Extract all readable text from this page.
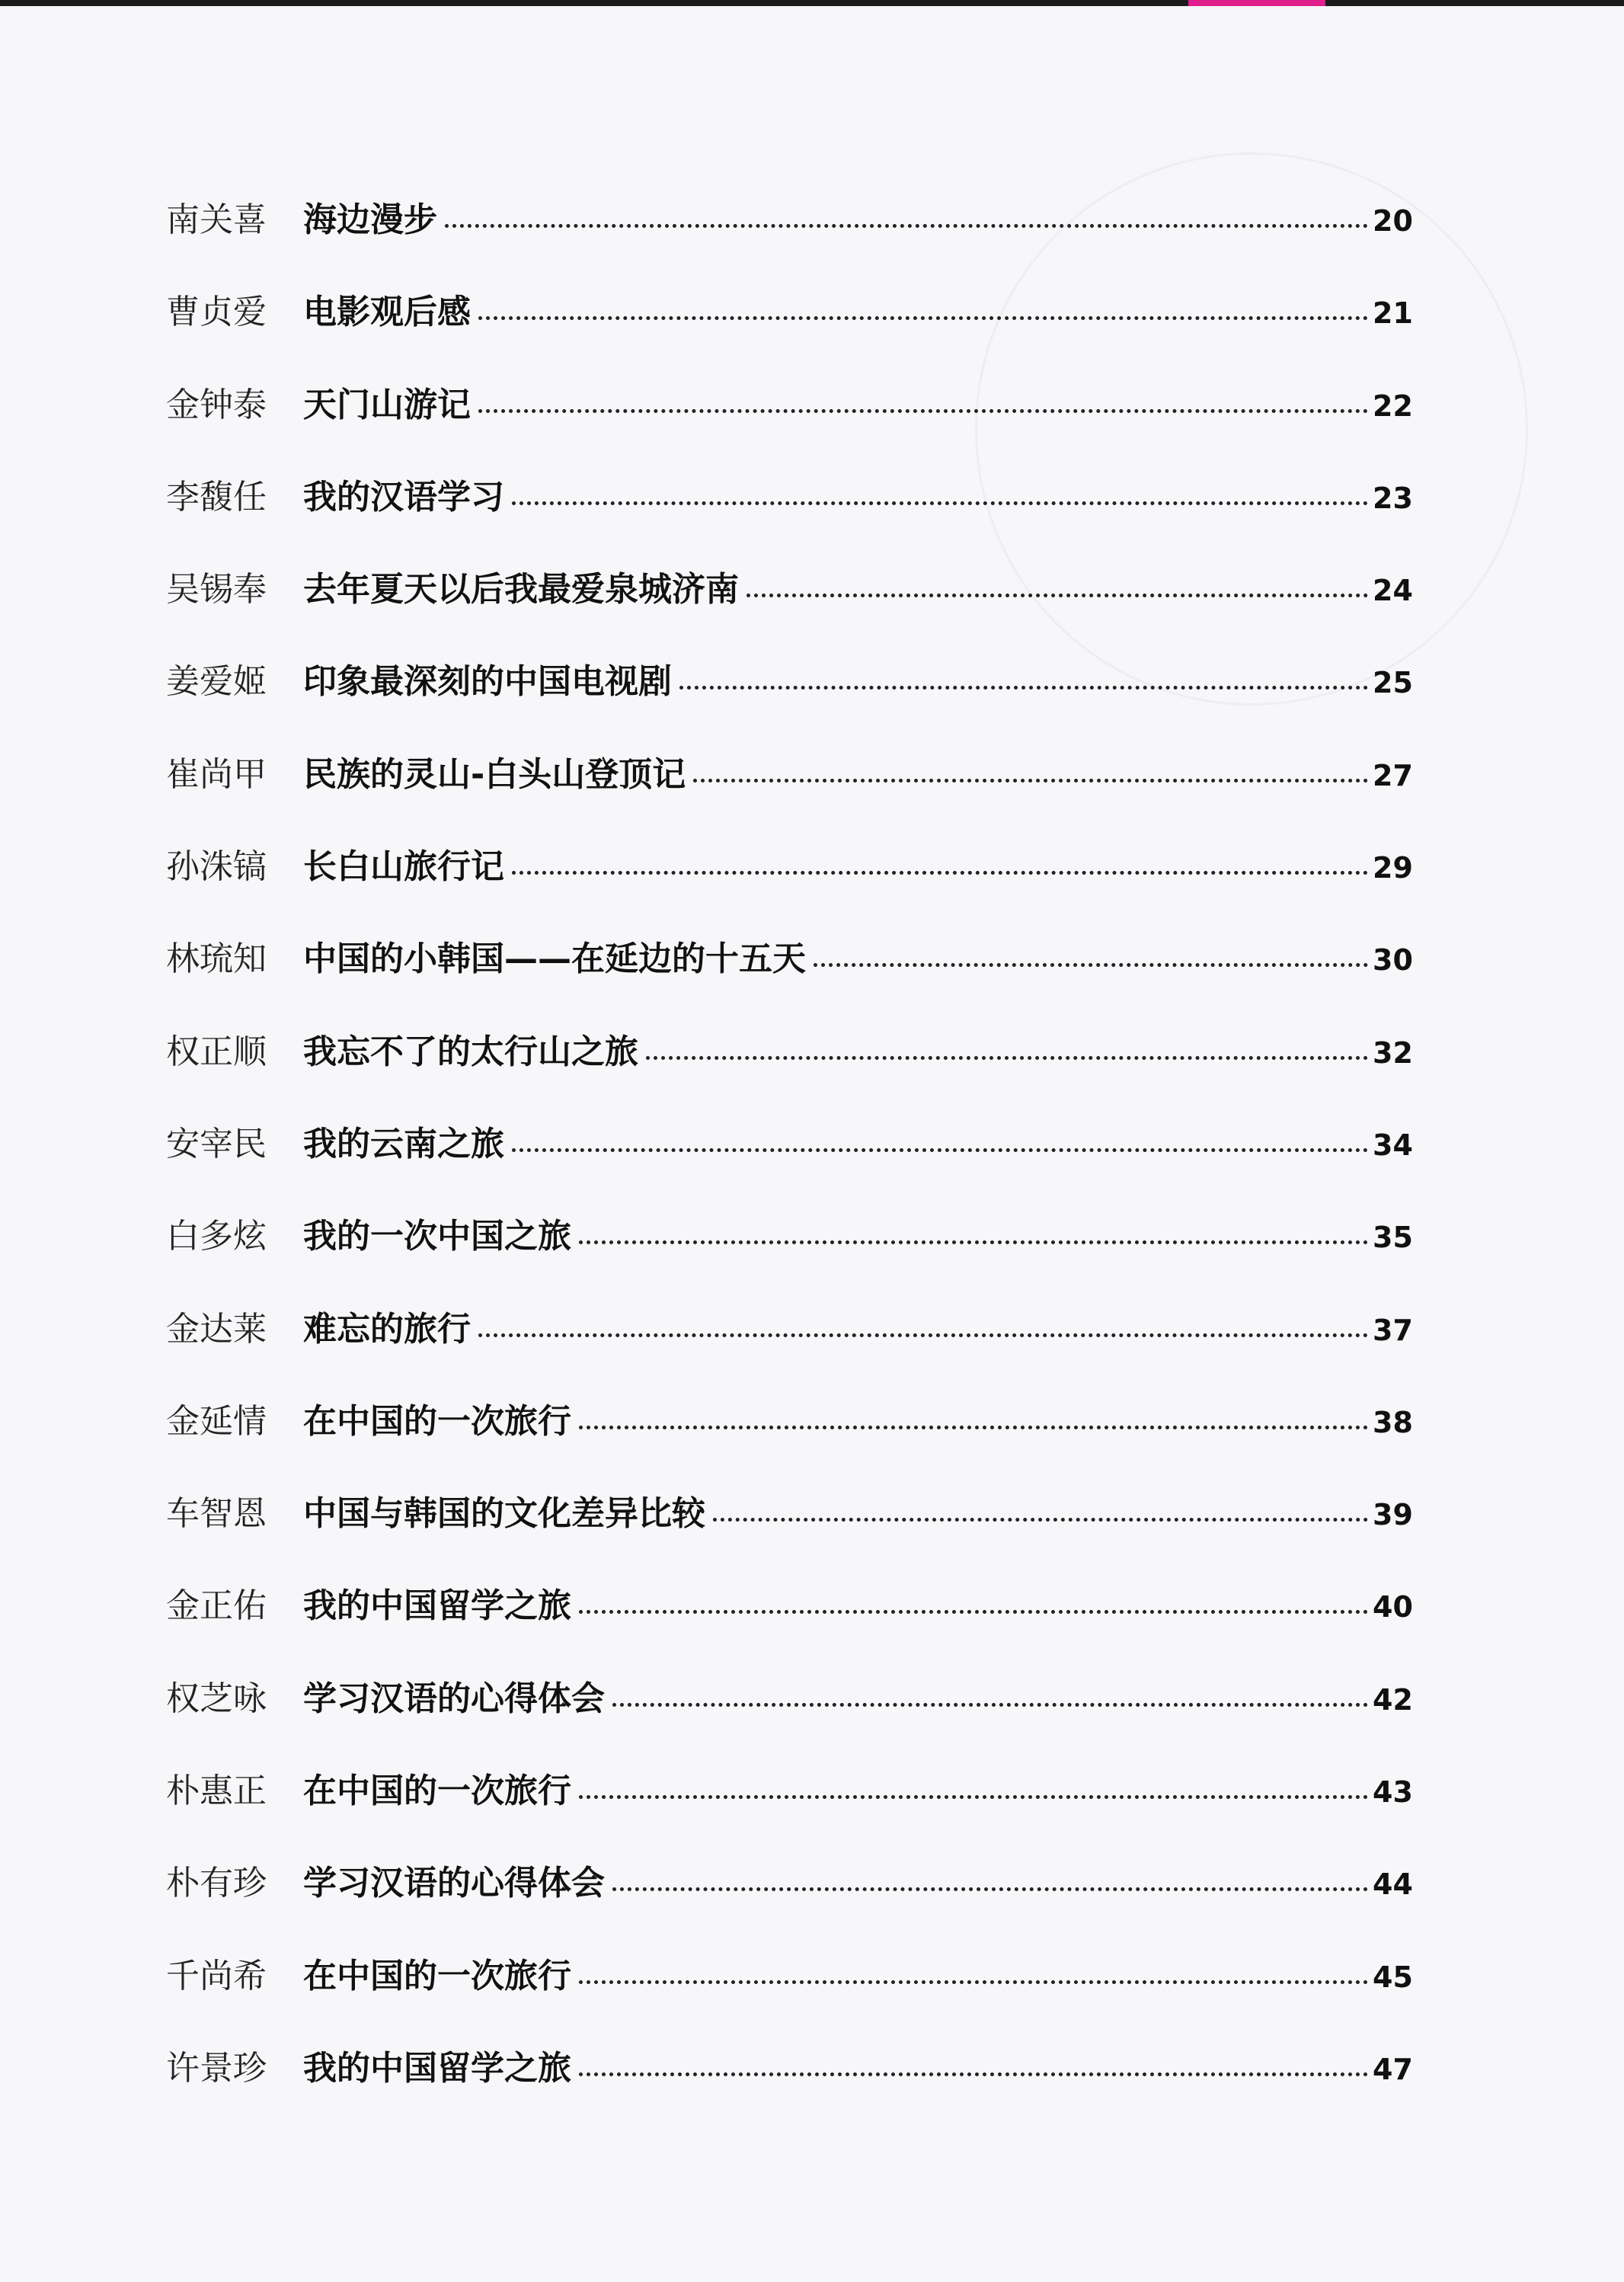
南关喜	海边漫步	20
曹贞爱	电影观后感	21
金钟泰	天门山游记	22
李馥任	我的汉语学习	23
吴锡奉	去年夏天以后我最爱泉城济南	24
姜爱姬	印象最深刻的中国电视剧	25
崔尚甲	民族的灵山-白头山登顶记	27
孙洙镐	长白山旅行记	29
林琉知	中国的小韩国——在延边的十五天	30
权正顺	我忘不了的太行山之旅	32
安宰民	我的云南之旅	34
白多炫	我的一次中国之旅	35
金达莱	难忘的旅行	37
金延情	在中国的一次旅行	38
车智恩	中国与韩国的文化差异比较	39
金正佑	我的中国留学之旅	40
权芝咏	学习汉语的心得体会	42
朴惠正	在中国的一次旅行	43
朴有珍	学习汉语的心得体会	44
千尚希	在中国的一次旅行	45
许景珍	我的中国留学之旅	47
